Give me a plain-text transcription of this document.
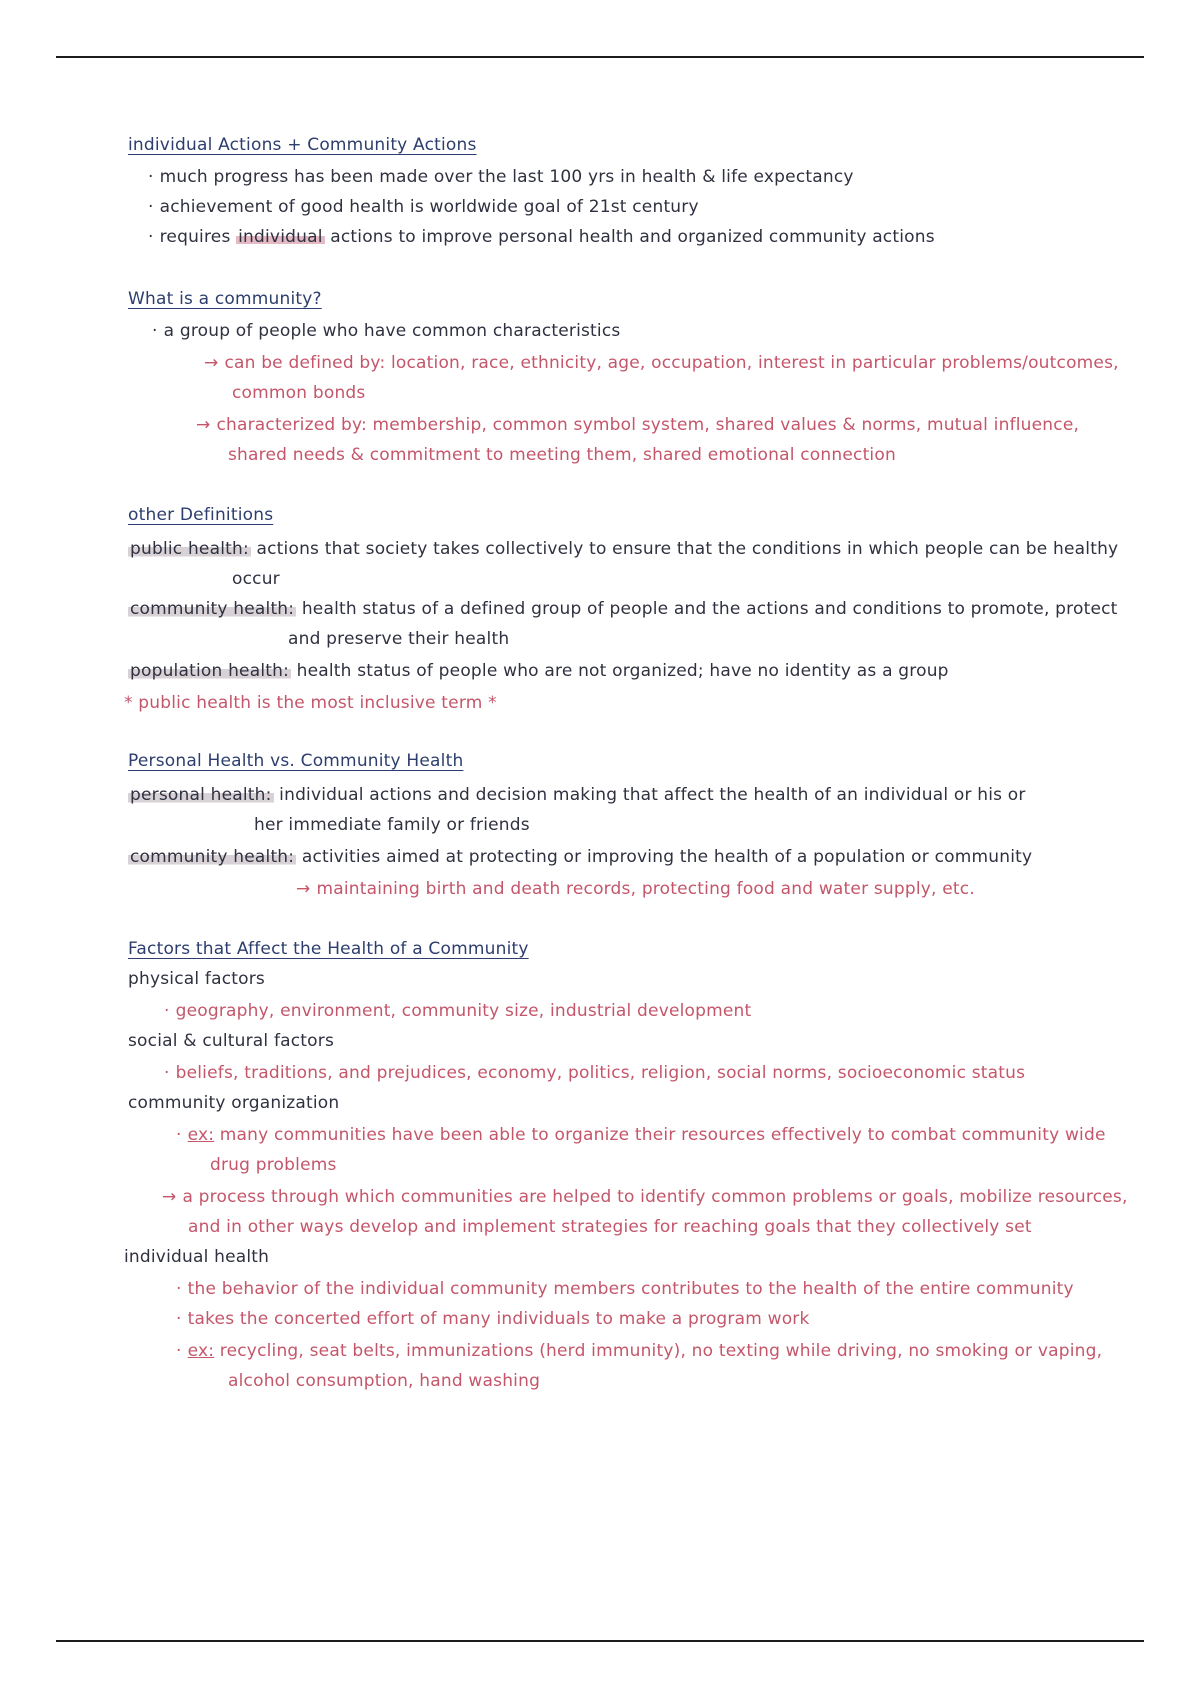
individual Actions + Community Actions
· much progress has been made over the last 100 yrs in health & life expectancy
· achievement of good health is worldwide goal of 21st century
· requires individual actions to improve personal health and organized community actions
What is a community?
· a group of people who have common characteristics
→ can be defined by: location, race, ethnicity, age, occupation, interest in particular problems/outcomes,
common bonds
→ characterized by: membership, common symbol system, shared values & norms, mutual influence,
shared needs & commitment to meeting them, shared emotional connection
other Definitions
public health: actions that society takes collectively to ensure that the conditions in which people can be healthy
occur
community health: health status of a defined group of people and the actions and conditions to promote, protect
and preserve their health
population health: health status of people who are not organized; have no identity as a group
* public health is the most inclusive term *
Personal Health vs. Community Health
personal health: individual actions and decision making that affect the health of an individual or his or
her immediate family or friends
community health: activities aimed at protecting or improving the health of a population or community
→ maintaining birth and death records, protecting food and water supply, etc.
Factors that Affect the Health of a Community
physical factors
· geography, environment, community size, industrial development
social & cultural factors
· beliefs, traditions, and prejudices, economy, politics, religion, social norms, socioeconomic status
community organization
· ex: many communities have been able to organize their resources effectively to combat community wide
drug problems
→ a process through which communities are helped to identify common problems or goals, mobilize resources,
and in other ways develop and implement strategies for reaching goals that they collectively set
individual health
· the behavior of the individual community members contributes to the health of the entire community
· takes the concerted effort of many individuals to make a program work
· ex: recycling, seat belts, immunizations (herd immunity), no texting while driving, no smoking or vaping,
alcohol consumption, hand washing
